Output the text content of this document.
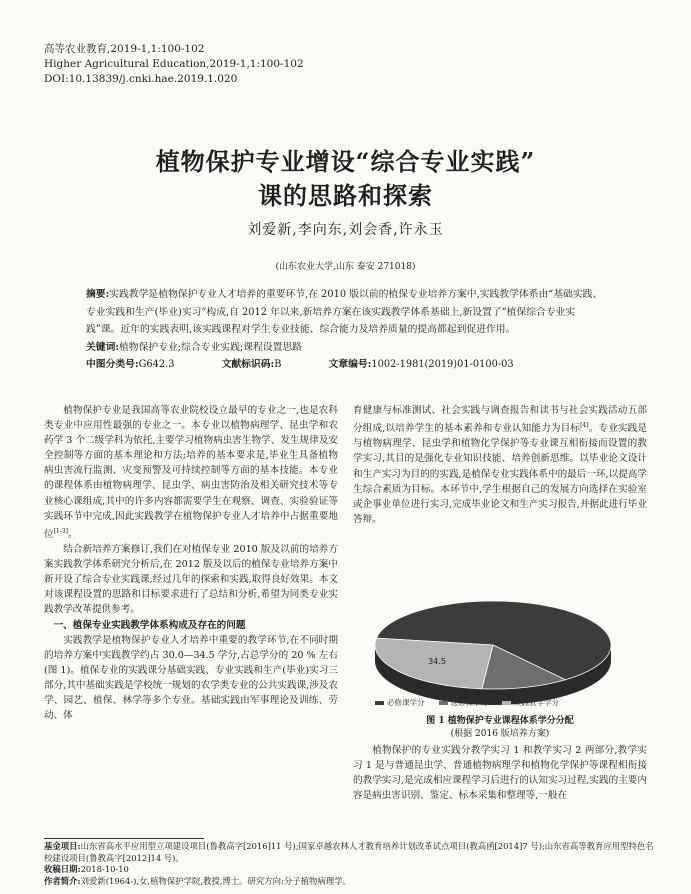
高等农业教育,2019-1,1:100-102
Higher Agricultural Education,2019-1,1:100-102
DOI:10.13839/j.cnki.hae.2019.1.020
植物保护专业增设“综合专业实践”
课的思路和探索
刘爱新,李向东,刘会香,许永玉
(山东农业大学,山东 泰安 271018)

摘要:实践教学是植物保护专业人才培养的重要环节,在 2010 版以前的植保专业培养方案中,实践教学体系由“基础实践、专业实践和生产(毕业)实习”构成,自 2012 年以来,新培养方案在该实践教学体系基础上,新设置了“植保综合专业实践”课。近年的实践表明,该实践课程对学生专业技能、综合能力及培养质量的提高都起到促进作用。

关键词:植物保护专业;综合专业实践;课程设置思路

中图分类号:G642.3	文献标识码:B	文章编号:1002-1981(2019)01-0100-03

植物保护专业是我国高等农业院校设立最早的专业之一,也是农科类专业中应用性最强的专业之一。本专业以植物病理学、昆虫学和农药学 3 个二级学科为依托,主要学习植物病虫害生物学、发生规律及安全控制等方面的基本理论和方法;培养的基本要求是,毕业生具备植物病虫害流行监测、灾变预警及可持续控制等方面的基本技能。本专业的课程体系由植物病理学、昆虫学、病虫害防治及相关研究技术等专业核心课组成,其中的许多内容都需要学生在观察、调查、实验验证等实践环节中完成,因此实践教学在植物保护专业人才培养中占据重要地位[1-3]。

结合新培养方案修订,我们在对植保专业 2010 版及以前的培养方案实践教学体系研究分析后,在 2012 版及以后的植保专业培养方案中新开设了综合专业实践课,经过几年的探索和实践,取得良好效果。本文对该课程设置的思路和目标要求进行了总结和分析,希望为同类专业实践教学改革提供参考。

一、植保专业实践教学体系构成及存在的问题

实践教学是植物保护专业人才培养中重要的教学环节,在不同时期的培养方案中实践教学约占 30.0—34.5 学分,占总学分的 20 % 左右(图 1)。植保专业的实践课分基础实践、专业实践和生产(毕业)实习三部分,其中基础实践是学校统一规划的农学类专业的公共实践课,涉及农学、园艺、植保、林学等多个专业。基础实践由军事理论及训练、劳动、体

育健康与标准测试、社会实践与调查报告和读书与社会实践活动五部分组成,以培养学生的基本素养和专业认知能力为目标[4]。专业实践是与植物病理学、昆虫学和植物化学保护等专业课互相衔接而设置的教学实习,其目的是强化专业知识技能、培养创新思维。以毕业论文设计和生产实习为目的的实践,是植保专业实践体系中的最后一环,以提高学生综合素质为目标。本环节中,学生根据自己的发展方向选择在实验室或企事业单位进行实习,完成毕业论文和生产实习报告,并据此进行毕业答辩。

34.5
必修课学分	选修课学分	实践教学学分
图 1 植物保护专业课程体系学分分配
(根据 2016 版培养方案)

植物保护的专业实践分教学实习 1 和教学实习 2 两部分,教学实习 1 是与普通昆虫学、普通植物病理学和植物化学保护等课程相衔接的教学实习,是完成相应课程学习后进行的认知实习过程,实践的主要内容是病虫害识别、鉴定、标本采集和整理等,一般在

基金项目:山东省高水平应用型立项建设项目(鲁教高字[2016]11 号);国家卓越农林人才教育培养计划改革试点项目(教高函[2014]7 号);山东省高等教育应用型特色名校建设项目(鲁教高字[2012]14 号)。
收稿日期:2018-10-10
作者简介:刘爱新(1964-),女,植物保护学院,教授,博士。研究方向:分子植物病理学。
